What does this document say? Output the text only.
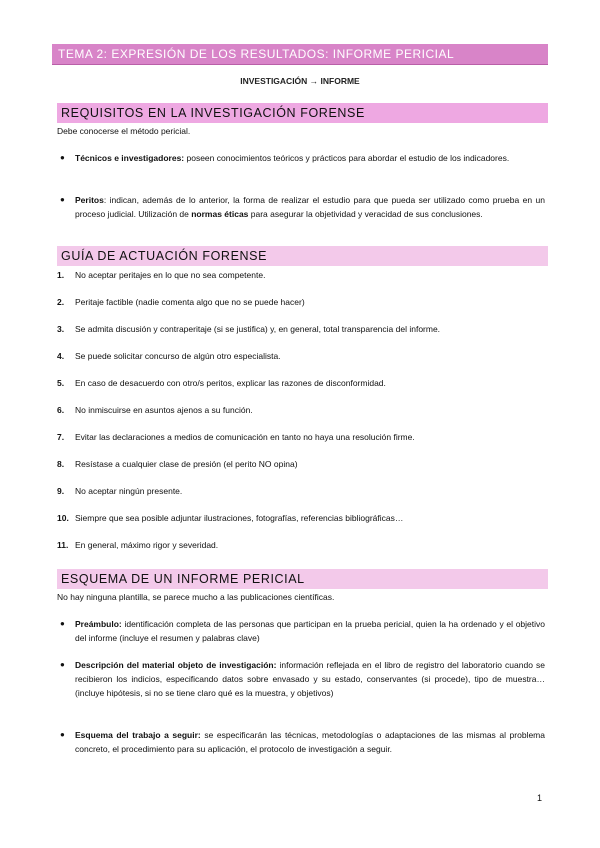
TEMA 2: EXPRESIÓN DE LOS RESULTADOS: INFORME PERICIAL
INVESTIGACIÓN → INFORME
REQUISITOS EN LA INVESTIGACIÓN FORENSE
Debe conocerse el método pericial.
● Técnicos e investigadores: poseen conocimientos teóricos y prácticos para abordar el estudio de los indicadores.
● Peritos: indican, además de lo anterior, la forma de realizar el estudio para que pueda ser utilizado como prueba en un proceso judicial. Utilización de normas éticas para asegurar la objetividad y veracidad de sus conclusiones.
GUÍA DE ACTUACIÓN FORENSE
1.	No aceptar peritajes en lo que no sea competente.
2.	Peritaje factible (nadie comenta algo que no se puede hacer)
3.	Se admita discusión y contraperitaje (si se justifica) y, en general, total transparencia del informe.
4.	Se puede solicitar concurso de algún otro especialista.
5.	En caso de desacuerdo con otro/s peritos, explicar las razones de disconformidad.
6.	No inmiscuirse en asuntos ajenos a su función.
7.	Evitar las declaraciones a medios de comunicación en tanto no haya una resolución firme.
8.	Resístase a cualquier clase de presión (el perito NO opina)
9.	No aceptar ningún presente.
10. Siempre que sea posible adjuntar ilustraciones, fotografías, referencias bibliográficas…
11. En general, máximo rigor y severidad.
ESQUEMA DE UN INFORME PERICIAL
No hay ninguna plantilla, se parece mucho a las publicaciones científicas.
● Preámbulo: identificación completa de las personas que participan en la prueba pericial, quien la ha ordenado y el objetivo del informe (incluye el resumen y palabras clave)
● Descripción del material objeto de investigación: información reflejada en el libro de registro del laboratorio cuando se recibieron los indicios, especificando datos sobre envasado y su estado, conservantes (si procede), tipo de muestra… (incluye hipótesis, si no se tiene claro qué es la muestra, y objetivos)
● Esquema del trabajo a seguir: se especificarán las técnicas, metodologías o adaptaciones de las mismas al problema concreto, el procedimiento para su aplicación, el protocolo de investigación a seguir.
1
